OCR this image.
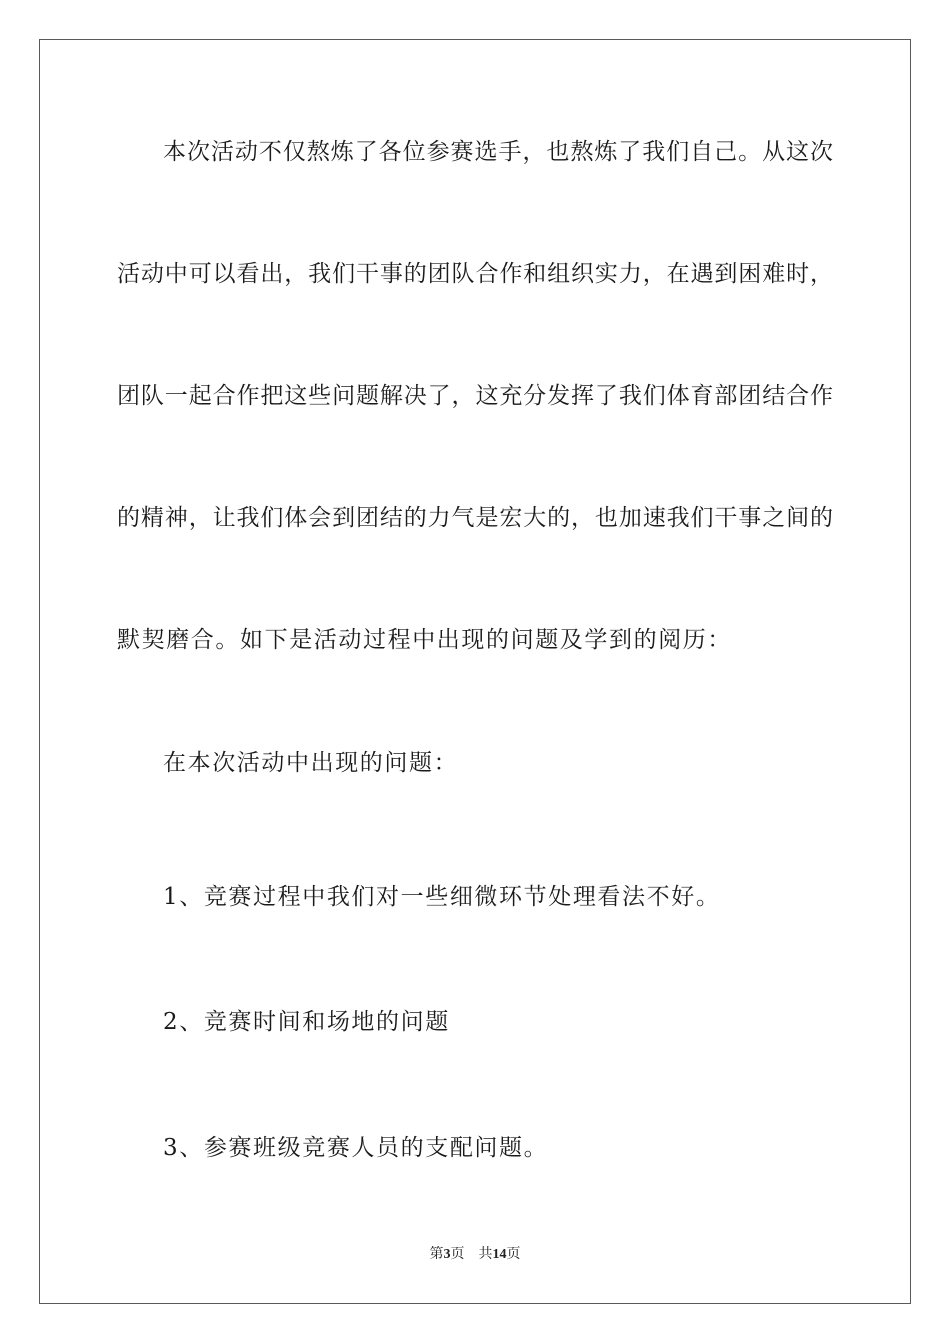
本次活动不仅熬炼了各位参赛选手，也熬炼了我们自己。从这次

活动中可以看出，我们干事的团队合作和组织实力，在遇到困难时，

团队一起合作把这些问题解决了，这充分发挥了我们体育部团结合作

的精神，让我们体会到团结的力气是宏大的，也加速我们干事之间的

默契磨合。如下是活动过程中出现的问题及学到的阅历：

在本次活动中出现的问题：

1、竞赛过程中我们对一些细微环节处理看法不好。

2、竞赛时间和场地的问题

3、参赛班级竞赛人员的支配问题。

第3页 共14页
